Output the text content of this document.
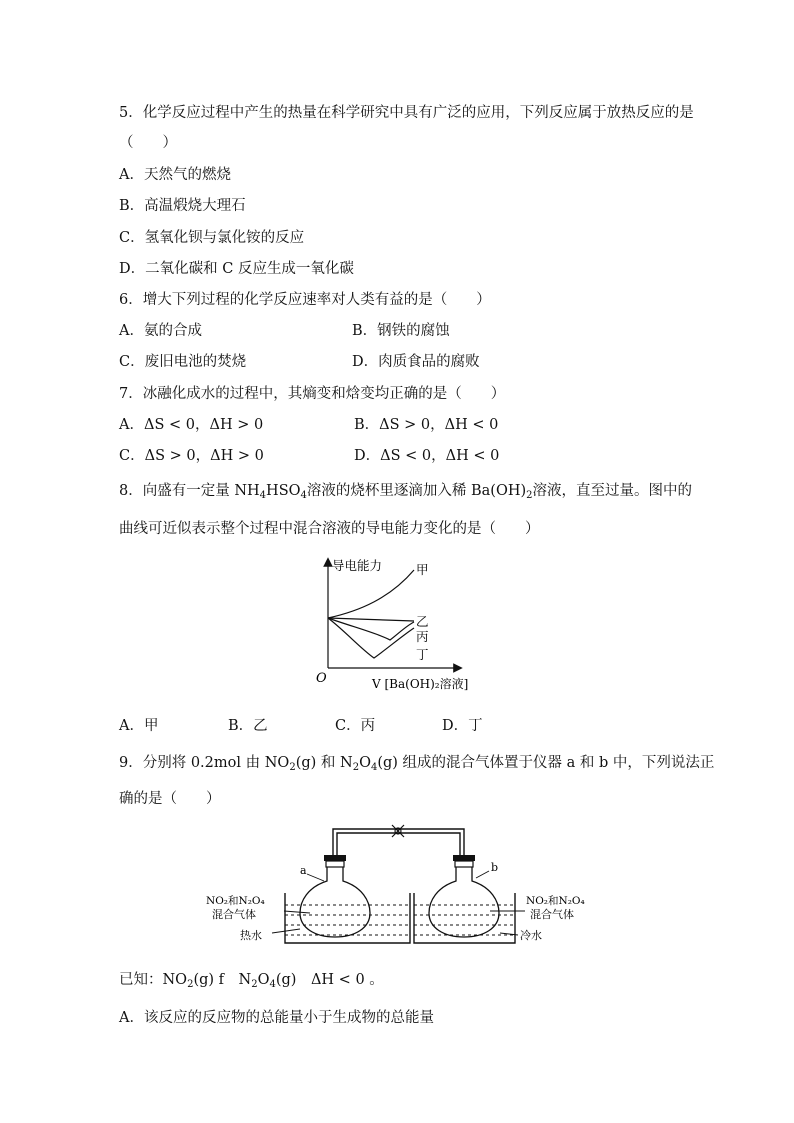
5．化学反应过程中产生的热量在科学研究中具有广泛的应用，下列反应属于放热反应的是
（　　）
A．天然气的燃烧
B．高温煅烧大理石
C．氢氧化钡与氯化铵的反应
D．二氧化碳和 C 反应生成一氧化碳
6．增大下列过程的化学反应速率对人类有益的是（　　）
A．氨的合成	B．钢铁的腐蚀
C．废旧电池的焚烧	D．肉质食品的腐败
7．冰融化成水的过程中，其熵变和焓变均正确的是（　　）
A．ΔS < 0，ΔH > 0	B．ΔS > 0，ΔH < 0
C．ΔS > 0，ΔH > 0	D．ΔS < 0，ΔH < 0
8．向盛有一定量 $NH_4HSO_4$溶液的烧杯里逐滴加入稀 $Ba(OH)_2$溶液，直至过量。图中的
曲线可近似表示整个过程中混合溶液的导电能力变化的是（　　）
导电能力	甲
乙
丙
丁
O	V [Ba(OH)₂溶液]
A．甲	B．乙	C．丙	D．丁
9．分别将 0.2mol 由 $NO_2(g)$ 和 $N_2O_4(g)$ 组成的混合气体置于仪器 a 和 b 中，下列说法正
确的是（　　）
a	b
NO₂和N₂O₄
混合气体
热水
NO₂和N₂O₄
混合气体
冷水
已知：$NO_2(g)$ f　$N_2O_4(g)$　ΔH < 0 。
A．该反应的反应物的总能量小于生成物的总能量
